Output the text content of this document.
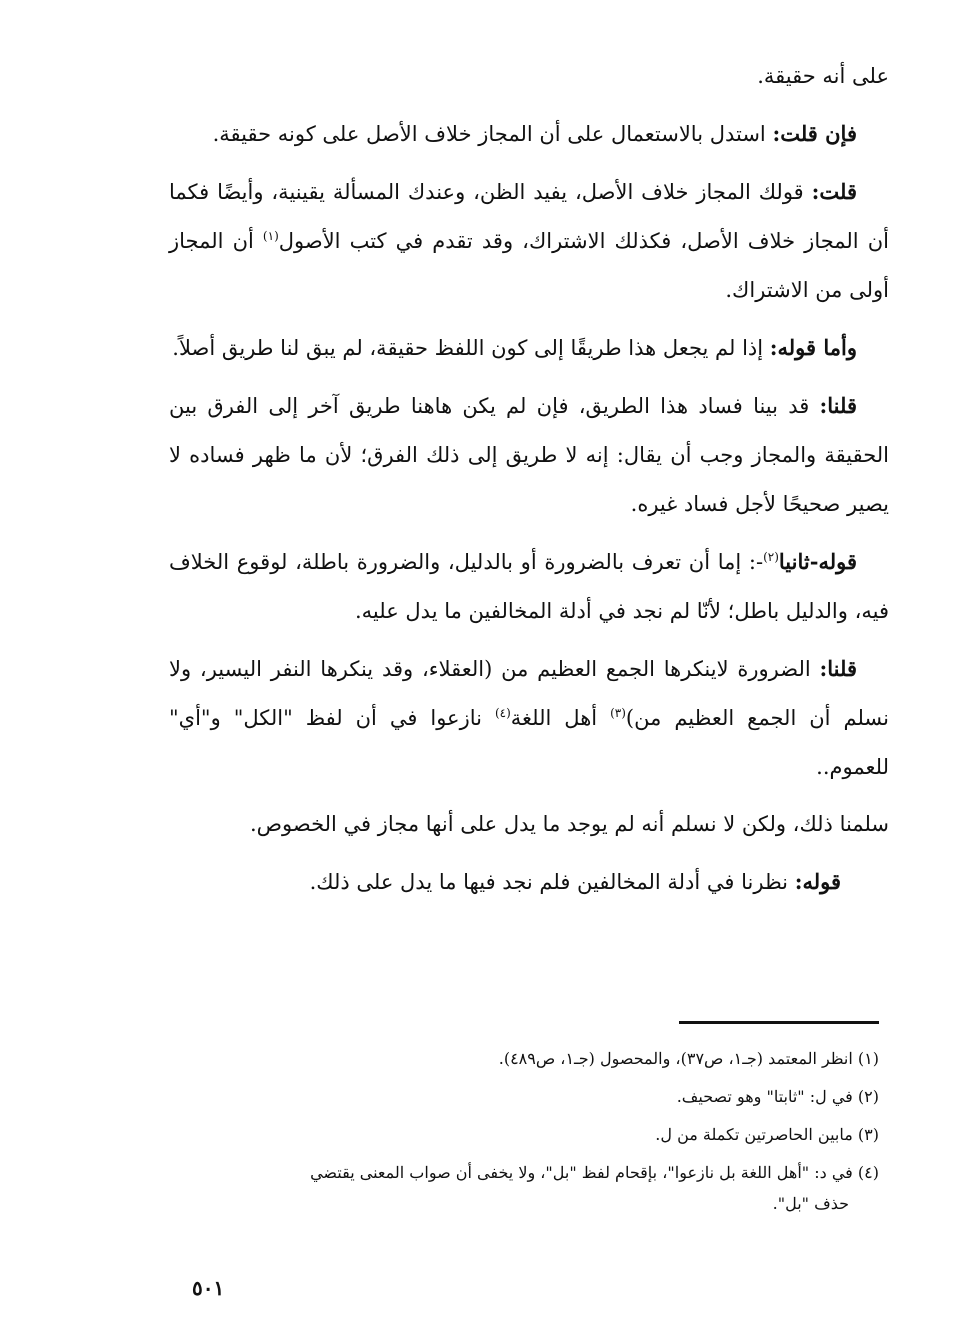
على أنه حقيقة.

فإن قلت: استدل بالاستعمال على أن المجاز خلاف الأصل على كونه حقيقة.

قلت: قولك المجاز خلاف الأصل، يفيد الظن، وعندك المسألة يقينية، وأيضًا فكما أن المجاز خلاف الأصل، فكذلك الاشتراك، وقد تقدم في كتب الأصول$^{(١)}$ أن المجاز أولى من الاشتراك.

وأما قوله: إذا لم يجعل هذا طريقًا إلى كون اللفظ حقيقة، لم يبق لنا طريق أصلاً.

قلنا: قد بينا فساد هذا الطريق، فإن لم يكن هاهنا طريق آخر إلى الفرق بين الحقيقة والمجاز وجب أن يقال: إنه لا طريق إلى ذلك الفرق؛ لأن ما ظهر فساده لا يصير صحيحًا لأجل فساد غيره.

قوله-ثانيا$^{(٢)}$-: إما أن تعرف بالضرورة أو بالدليل، والضرورة باطلة، لوقوع الخلاف فيه، والدليل باطل؛ لأنّا لم نجد في أدلة المخالفين ما يدل عليه.

قلنا: الضرورة لاينكرها الجمع العظيم من (العقلاء، وقد ينكرها النفر اليسير، ولا نسلم أن الجمع العظيم من)$^{(٣)}$ أهل اللغة$^{(٤)}$ نازعوا في أن لفظ "الكل" و"أي" للعموم..

سلمنا ذلك، ولكن لا نسلم أنه لم يوجد ما يدل على أنها مجاز في الخصوص.

قوله: نظرنا في أدلة المخالفين فلم نجد فيها ما يدل على ذلك.

(١) انظر المعتمد (جـ١، ص٣٧)، والمحصول (جـ١، ص٤٨٩).

(٢) في ل: "ثابتا" وهو تصحيف.

(٣) مابين الحاصرتين تكملة من ل.

(٤) في د: "أهل اللغة بل نازعوا"، بإقحام لفظ "بل"، ولا يخفى أن صواب المعنى يقتضي
حذف "بل".

٥٠١
